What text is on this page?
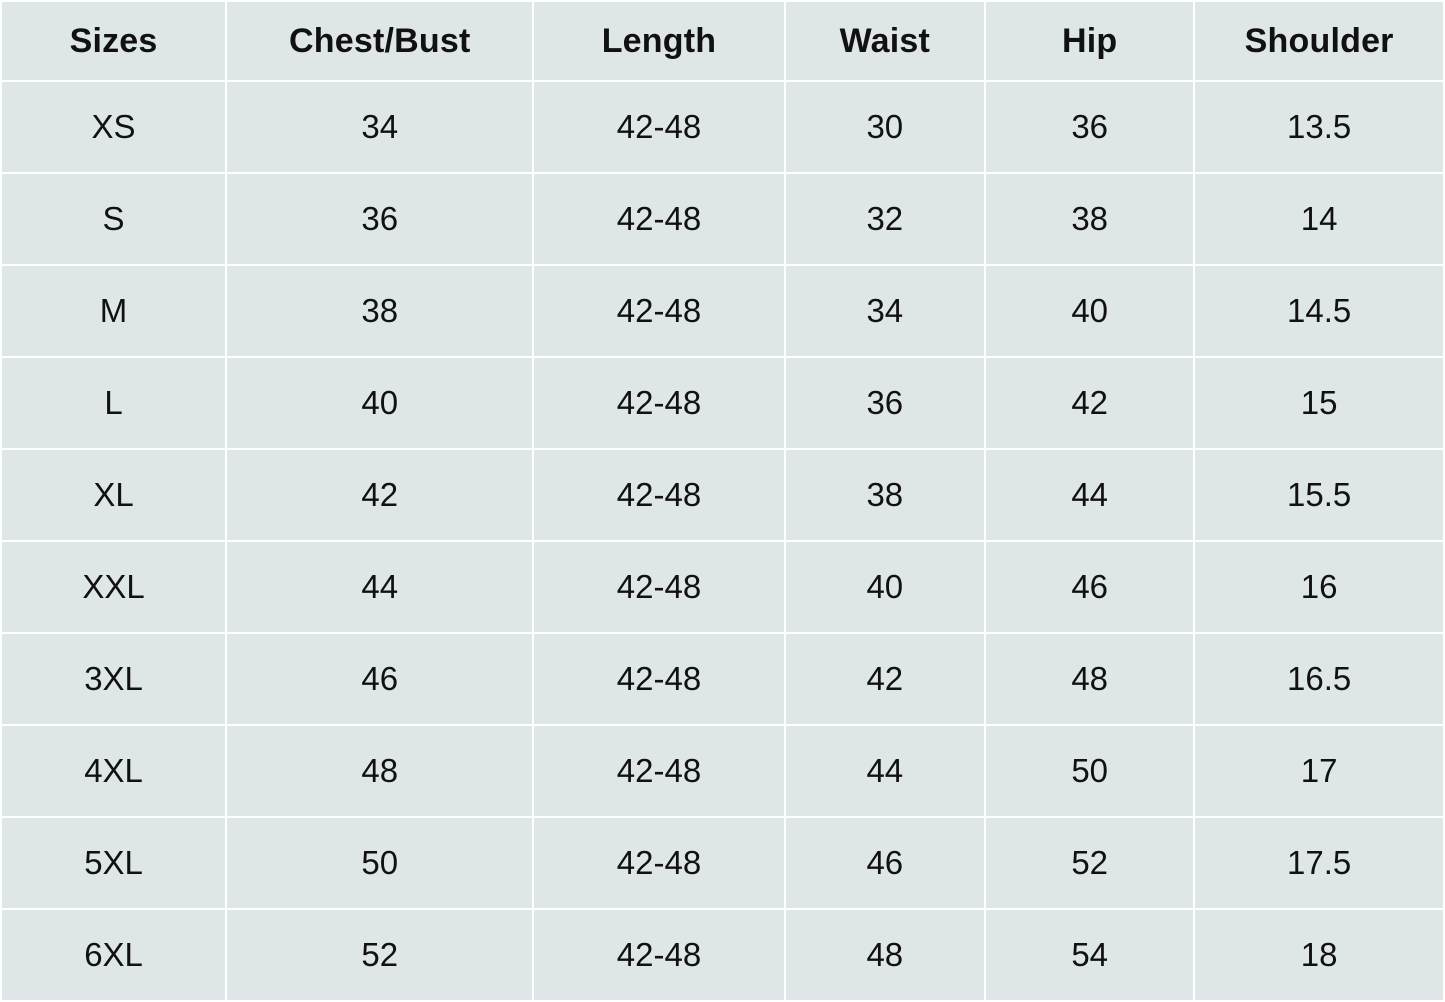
Sizes	Chest/Bust	Length	Waist	Hip	Shoulder
XS	34	42-48	30	36	13.5
S	36	42-48	32	38	14
M	38	42-48	34	40	14.5
L	40	42-48	36	42	15
XL	42	42-48	38	44	15.5
XXL	44	42-48	40	46	16
3XL	46	42-48	42	48	16.5
4XL	48	42-48	44	50	17
5XL	50	42-48	46	52	17.5
6XL	52	42-48	48	54	18
